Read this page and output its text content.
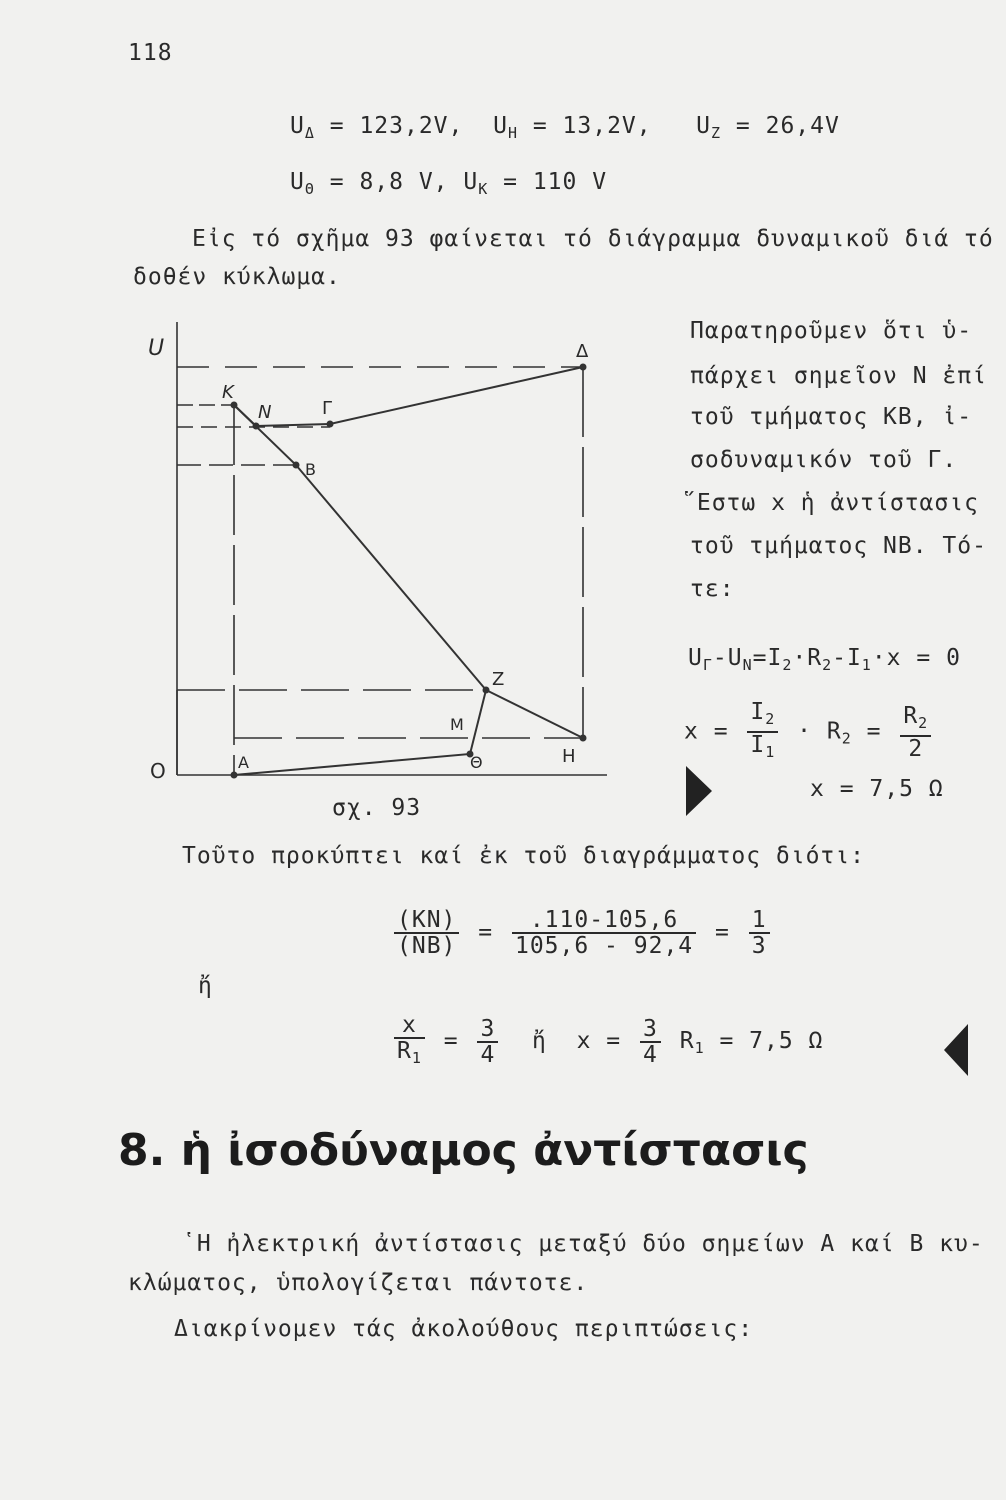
118
$U_\Delta = 123,2V$, $U_H = 13,2V$, $U_Z = 26,4V$
$U_\Theta = 8,8$ V, $U_K = 110$ V
Εἰς τό σχῆμα 93 φαίνεται τό διάγραμμα δυναμικοῦ διά τό
δοθέν κύκλωμα.
U
O
Δ
K
N	Γ
B
Z
M
Θ	H
A
σχ. 93
Παρατηροῦμεν ὅτι ὑ-
πάρχει σημεῖον N ἐπί
τοῦ τμήματος KB, ἰ-
σοδυναμικόν τοῦ Γ.
῞Εστω x ἡ ἀντίστασις
τοῦ τμήματος NB. Τό-
τε:
$U_\Gamma-U_N=I_2\cdot R_2-I_1\cdot x = 0$
$x = \frac{I_2}{I_1} \cdot R_2 = \frac{R_2}{2}$
x = 7,5 Ω
Τοῦτο προκύπτει καί ἐκ τοῦ διαγράμματος διότι:
$\frac{(KN)}{(NB)} = \frac{.110-105,6}{105,6 - 92,4} = \frac{1}{3}$
ἤ
$\frac{x}{R_1} = \frac{3}{4}$ ἤ $x = \frac{3}{4} R_1 = 7,5$ Ω
8. ἡ ἰσοδύναμος ἀντίστασις
῾Η ἠλεκτρική ἀντίστασις μεταξύ δύο σημείων A καί B κυ-
κλώματος, ὑπολογίζεται πάντοτε.
Διακρίνομεν τάς ἀκολούθους περιπτώσεις:
